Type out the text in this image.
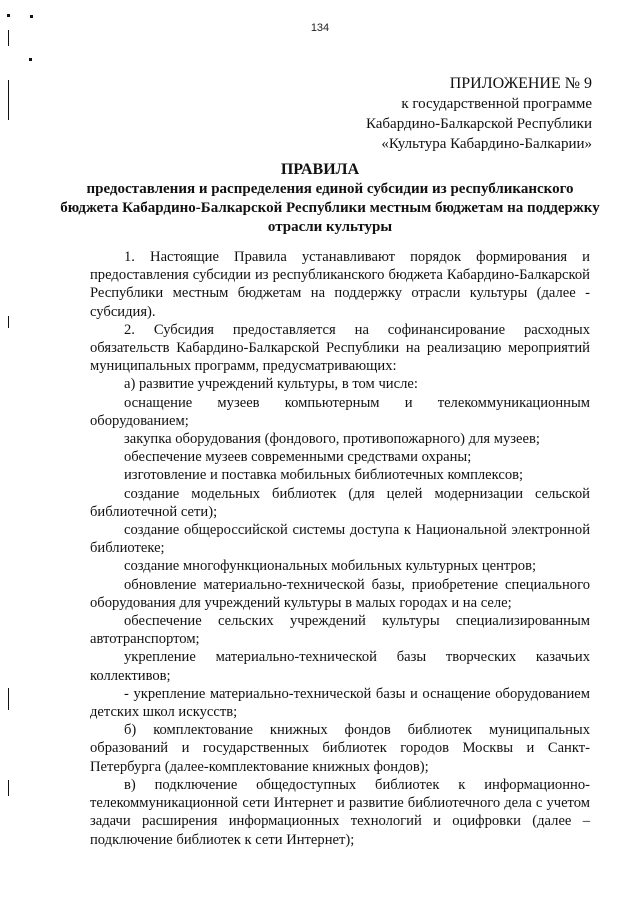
134
ПРИЛОЖЕНИЕ № 9
к государственной программе
Кабардино-Балкарской Республики
«Культура Кабардино-Балкарии»
ПРАВИЛА
предоставления и распределения единой субсидии из республиканского бюджета Кабардино-Балкарской Республики местным бюджетам на поддержку отрасли культуры

1. Настоящие Правила устанавливают порядок формирования и предоставления субсидии из республиканского бюджета Кабардино-Балкарской Республики местным бюджетам на поддержку отрасли культуры (далее - субсидия).

2. Субсидия предоставляется на софинансирование расходных обязательств Кабардино-Балкарской Республики на реализацию мероприятий муниципальных программ, предусматривающих:

а) развитие учреждений культуры, в том числе:

оснащение музеев компьютерным и телекоммуникационным оборудованием;

закупка оборудования (фондового, противопожарного) для музеев;

обеспечение музеев современными средствами охраны;

изготовление и поставка мобильных библиотечных комплексов;

создание модельных библиотек (для целей модернизации сельской библиотечной сети);

создание общероссийской системы доступа к Национальной электронной библиотеке;

создание многофункциональных мобильных культурных центров;

обновление материально-технической базы, приобретение специального оборудования для учреждений культуры в малых городах и на селе;

обеспечение сельских учреждений культуры специализированным автотранспортом;

укрепление материально-технической базы творческих казачьих коллективов;

- укрепление материально-технической базы и оснащение оборудованием детских школ искусств;

б) комплектование книжных фондов библиотек муниципальных образований и государственных библиотек городов Москвы и Санкт-Петербурга (далее-комплектование книжных фондов);

в) подключение общедоступных библиотек к информационно-телекоммуникационной сети Интернет и развитие библиотечного дела с учетом задачи расширения информационных технологий и оцифровки (далее – подключение библиотек к сети Интернет);
